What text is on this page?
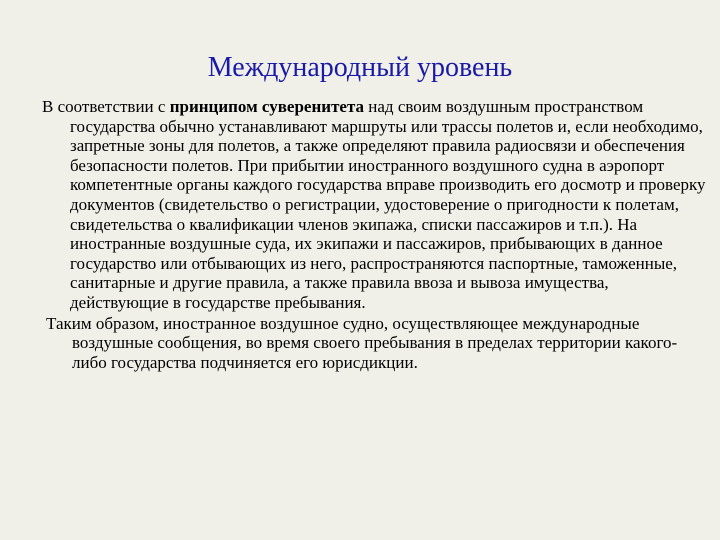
Международный уровень

В соответствии с принципом суверенитета над своим воздушным пространством государства обычно устанавливают маршруты или трассы полетов и, если необходимо, запретные зоны для полетов, а также определяют правила радиосвязи и обеспечения безопасности полетов. При прибытии иностранного воздушного судна в аэропорт компетентные органы каждого государства вправе производить его досмотр и проверку документов (свидетельство о регистрации, удостоверение о пригодности к полетам, свидетельства о квалификации членов экипажа, списки пассажиров и т.п.). На иностранные воздушные суда, их экипажи и пассажиров, прибывающих в данное государство или отбывающих из него, распространяются паспортные, таможенные, санитарные и другие правила, а также правила ввоза и вывоза имущества, действующие в государстве пребывания.

Таким образом, иностранное воздушное судно, осуществляющее международные воздушные сообщения, во время своего пребывания в пределах территории какого-либо государства подчиняется его юрисдикции.
